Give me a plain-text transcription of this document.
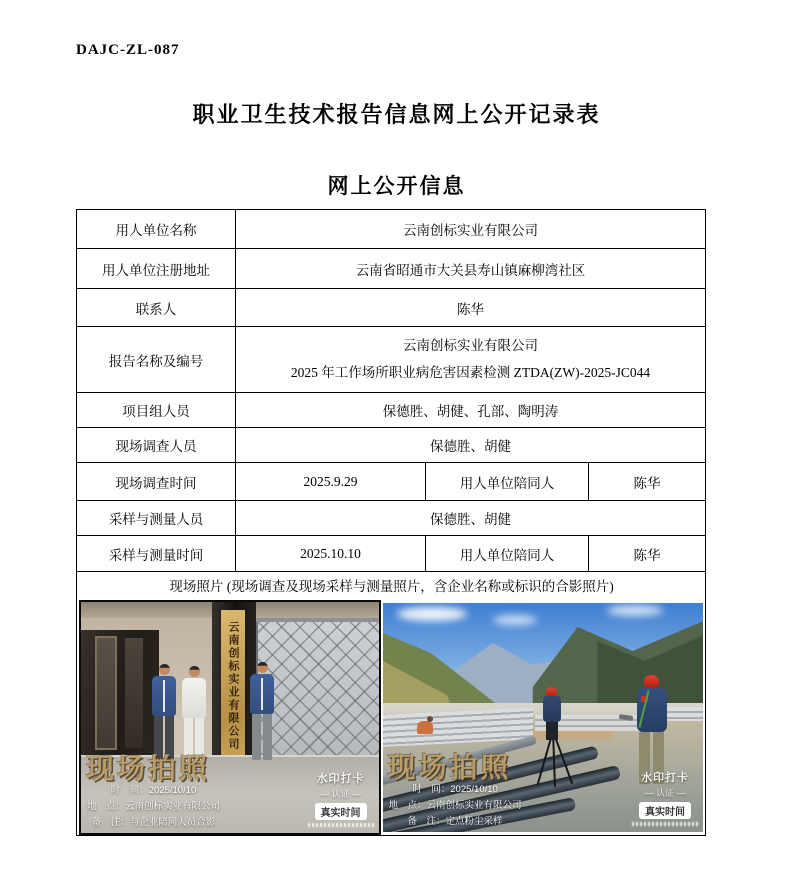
DAJC-ZL-087
职业卫生技术报告信息网上公开记录表
网上公开信息
用人单位名称	云南创标实业有限公司		
用人单位注册地址	云南省昭通市大关县寿山镇麻柳湾社区		
联系人	陈华		
报告名称及编号	云南创标实业有限公司
2025 年工作场所职业病危害因素检测 ZTDA(ZW)-2025-JC044		

项目组人员	保德胜、胡健、孔部、陶明涛		
现场调查人员	保德胜、胡健		
现场调查时间	2025.9.29	用人单位陪同人	陈华
采样与测量人员	保德胜、胡健		
采样与测量时间	2025.10.10	用人单位陪同人	陈华

现场照片 (现场调查及现场采样与测量照片，含企业名称或标识的合影照片)
云南创标实业有限公司
现场拍照
时　间：2025/10/10
地　点：云南创标实业有限公司
备　注：与企业陪同人员合影
水印打卡
— 认证 —
真实时间
现场拍照
时　间：2025/10/10
地　点：云南创标实业有限公司
备　注：定点粉尘采样
水印打卡
— 认证 —
真实时间
